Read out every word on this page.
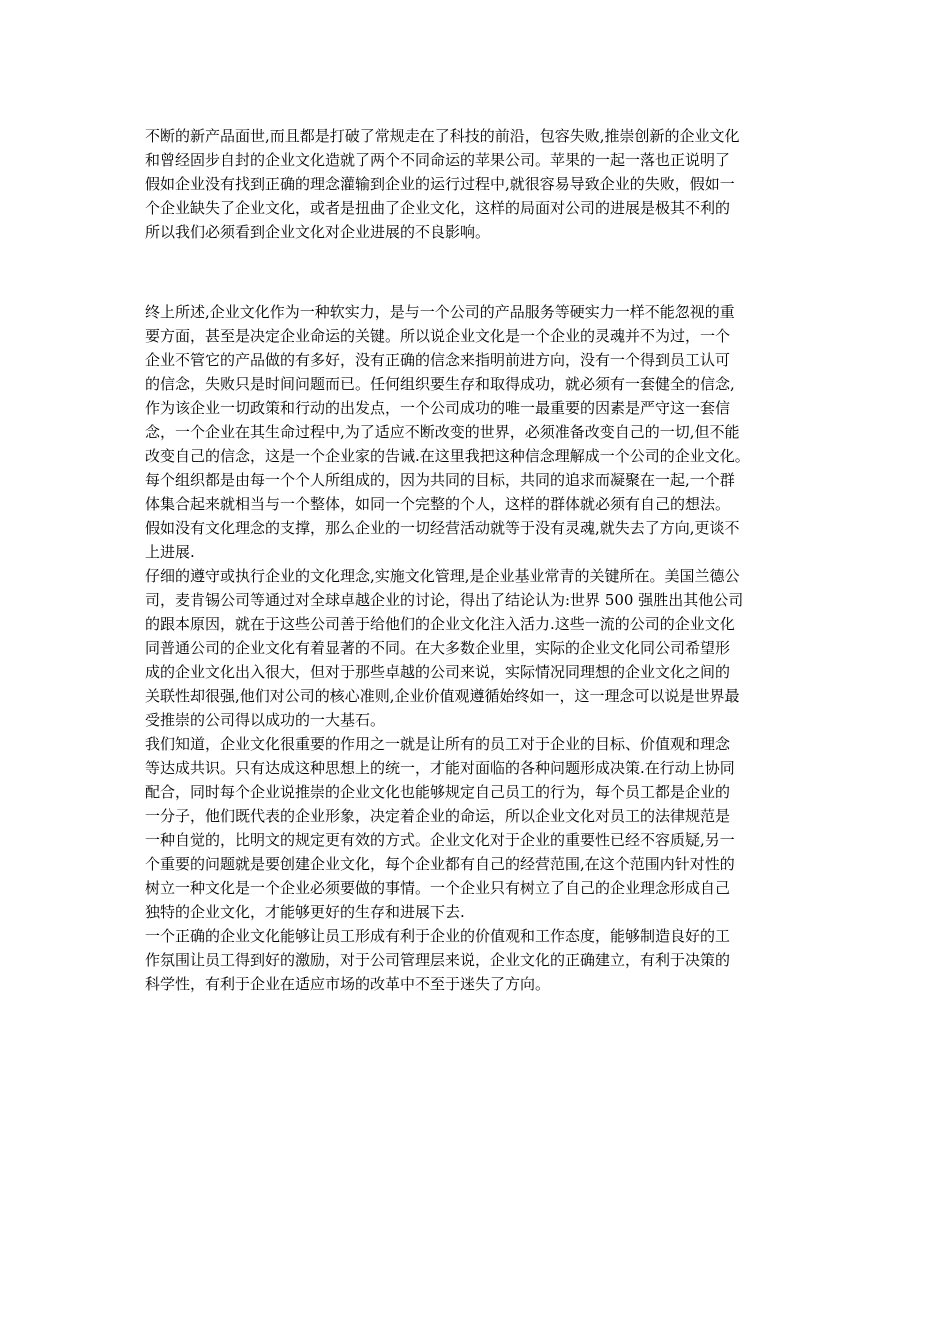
不断的新产品面世,而且都是打破了常规走在了科技的前沿，包容失败,推崇创新的企业文化
和曾经固步自封的企业文化造就了两个不同命运的苹果公司。苹果的一起一落也正说明了
假如企业没有找到正确的理念灌输到企业的运行过程中,就很容易导致企业的失败，假如一
个企业缺失了企业文化，或者是扭曲了企业文化，这样的局面对公司的进展是极其不利的
所以我们必须看到企业文化对企业进展的不良影响。
终上所述,企业文化作为一种软实力，是与一个公司的产品服务等硬实力一样不能忽视的重
要方面，甚至是决定企业命运的关键。所以说企业文化是一个企业的灵魂并不为过，一个
企业不管它的产品做的有多好，没有正确的信念来指明前进方向，没有一个得到员工认可
的信念，失败只是时间问题而已。任何组织要生存和取得成功，就必须有一套健全的信念,
作为该企业一切政策和行动的出发点，一个公司成功的唯一最重要的因素是严守这一套信
念，一个企业在其生命过程中,为了适应不断改变的世界，必须准备改变自己的一切,但不能
改变自己的信念，这是一个企业家的告诫.在这里我把这种信念理解成一个公司的企业文化。
每个组织都是由每一个个人所组成的，因为共同的目标，共同的追求而凝聚在一起,一个群
体集合起来就相当与一个整体，如同一个完整的个人，这样的群体就必须有自己的想法。
假如没有文化理念的支撑，那么企业的一切经营活动就等于没有灵魂,就失去了方向,更谈不
上进展.
仔细的遵守或执行企业的文化理念,实施文化管理,是企业基业常青的关键所在。美国兰德公
司，麦肯锡公司等通过对全球卓越企业的讨论，得出了结论认为:世界 500 强胜出其他公司
的跟本原因，就在于这些公司善于给他们的企业文化注入活力.这些一流的公司的企业文化
同普通公司的企业文化有着显著的不同。在大多数企业里，实际的企业文化同公司希望形
成的企业文化出入很大，但对于那些卓越的公司来说，实际情况同理想的企业文化之间的
关联性却很强,他们对公司的核心准则,企业价值观遵循始终如一，这一理念可以说是世界最
受推崇的公司得以成功的一大基石。
我们知道，企业文化很重要的作用之一就是让所有的员工对于企业的目标、价值观和理念
等达成共识。只有达成这种思想上的统一，才能对面临的各种问题形成决策.在行动上协同
配合，同时每个企业说推崇的企业文化也能够规定自己员工的行为，每个员工都是企业的
一分子，他们既代表的企业形象，决定着企业的命运，所以企业文化对员工的法律规范是
一种自觉的，比明文的规定更有效的方式。企业文化对于企业的重要性已经不容质疑,另一
个重要的问题就是要创建企业文化，每个企业都有自己的经营范围,在这个范围内针对性的
树立一种文化是一个企业必须要做的事情。一个企业只有树立了自己的企业理念形成自己
独特的企业文化，才能够更好的生存和进展下去.
一个正确的企业文化能够让员工形成有利于企业的价值观和工作态度，能够制造良好的工
作氛围让员工得到好的激励，对于公司管理层来说，企业文化的正确建立，有利于决策的
科学性，有利于企业在适应市场的改革中不至于迷失了方向。
